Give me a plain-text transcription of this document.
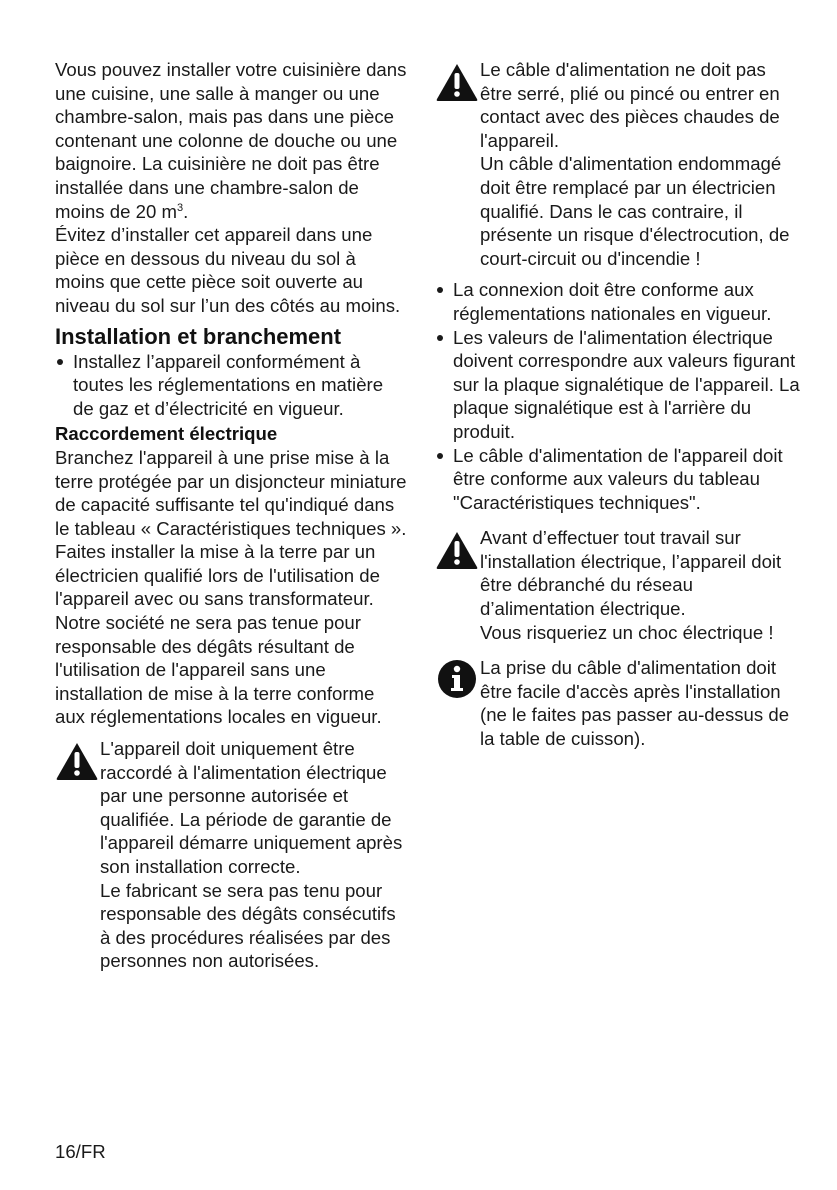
Vous pouvez installer votre cuisinière dans une cuisine, une salle à manger ou une chambre-salon, mais pas dans une pièce contenant une colonne de douche ou une baignoire. La cuisinière ne doit pas être installée dans une chambre-salon de moins de 20 $m^3$.

Évitez d’installer cet appareil dans une pièce en dessous du niveau du sol à moins que cette pièce soit ouverte au niveau du sol sur l’un des côtés au moins.

Installation et branchement
Installez l’appareil conformément à toutes les réglementations en matière de gaz et d’électricité en vigueur.
Raccordement électrique

Branchez l'appareil à une prise mise à la terre protégée par un disjoncteur miniature de capacité suffisante tel qu'indiqué dans le tableau « Caractéristiques techniques ». Faites installer la mise à la terre par un électricien qualifié lors de l'utilisation de l'appareil avec ou sans transformateur. Notre société ne sera pas tenue pour responsable des dégâts résultant de l'utilisation de l'appareil sans une installation de mise à la terre conforme aux réglementations locales en vigueur.

L'appareil doit uniquement être raccordé à l'alimentation électrique par une personne autorisée et qualifiée. La période de garantie de l'appareil démarre uniquement après son installation correcte.

Le fabricant se sera pas tenu pour responsable des dégâts consécutifs à des procédures réalisées par des personnes non autorisées.

Le câble d'alimentation ne doit pas être serré, plié ou pincé ou entrer en contact avec des pièces chaudes de l'appareil.

Un câble d'alimentation endommagé doit être remplacé par un électricien qualifié. Dans le cas contraire, il présente un risque d'électrocution, de court-circuit ou d'incendie !

La connexion doit être conforme aux réglementations nationales en vigueur.
Les valeurs de l'alimentation électrique doivent correspondre aux valeurs figurant sur la plaque signalétique de l'appareil. La plaque signalétique est à l'arrière du produit.
Le câble d'alimentation de l'appareil doit être conforme aux valeurs du tableau "Caractéristiques techniques".

Avant d’effectuer tout travail sur l'installation électrique, l’appareil doit être débranché du réseau d’alimentation électrique.

Vous risqueriez un choc électrique !

La prise du câble d'alimentation doit être facile d'accès après l'installation (ne le faites pas passer au-dessus de la table de cuisson).

16/FR
